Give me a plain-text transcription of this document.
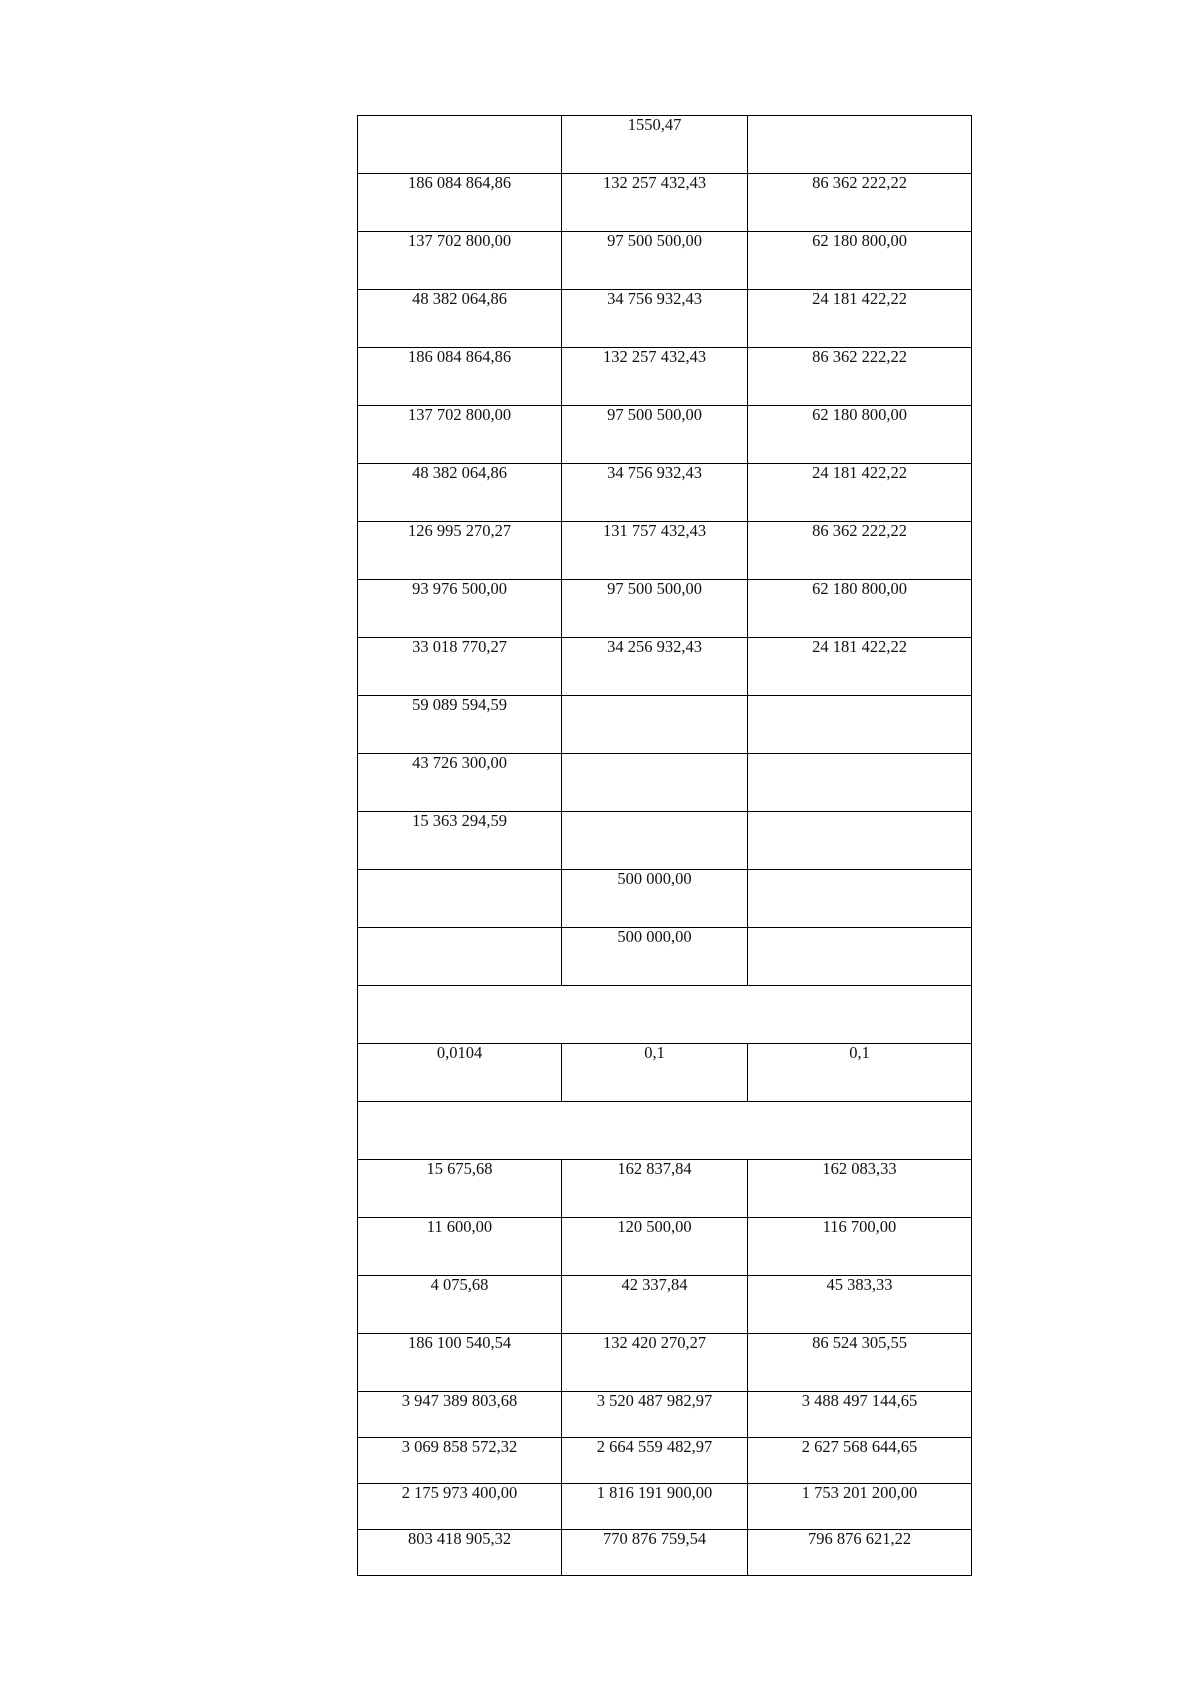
	1550,47	
186 084 864,86	132 257 432,43	86 362 222,22
137 702 800,00	97 500 500,00	62 180 800,00
48 382 064,86	34 756 932,43	24 181 422,22
186 084 864,86	132 257 432,43	86 362 222,22
137 702 800,00	97 500 500,00	62 180 800,00
48 382 064,86	34 756 932,43	24 181 422,22
126 995 270,27	131 757 432,43	86 362 222,22
93 976 500,00	97 500 500,00	62 180 800,00
33 018 770,27	34 256 932,43	24 181 422,22
59 089 594,59		
43 726 300,00		
15 363 294,59		
	500 000,00	
	500 000,00	

0,0104	0,1	0,1

15 675,68	162 837,84	162 083,33
11 600,00	120 500,00	116 700,00
4 075,68	42 337,84	45 383,33
186 100 540,54	132 420 270,27	86 524 305,55
3 947 389 803,68	3 520 487 982,97	3 488 497 144,65
3 069 858 572,32	2 664 559 482,97	2 627 568 644,65
2 175 973 400,00	1 816 191 900,00	1 753 201 200,00
803 418 905,32	770 876 759,54	796 876 621,22
